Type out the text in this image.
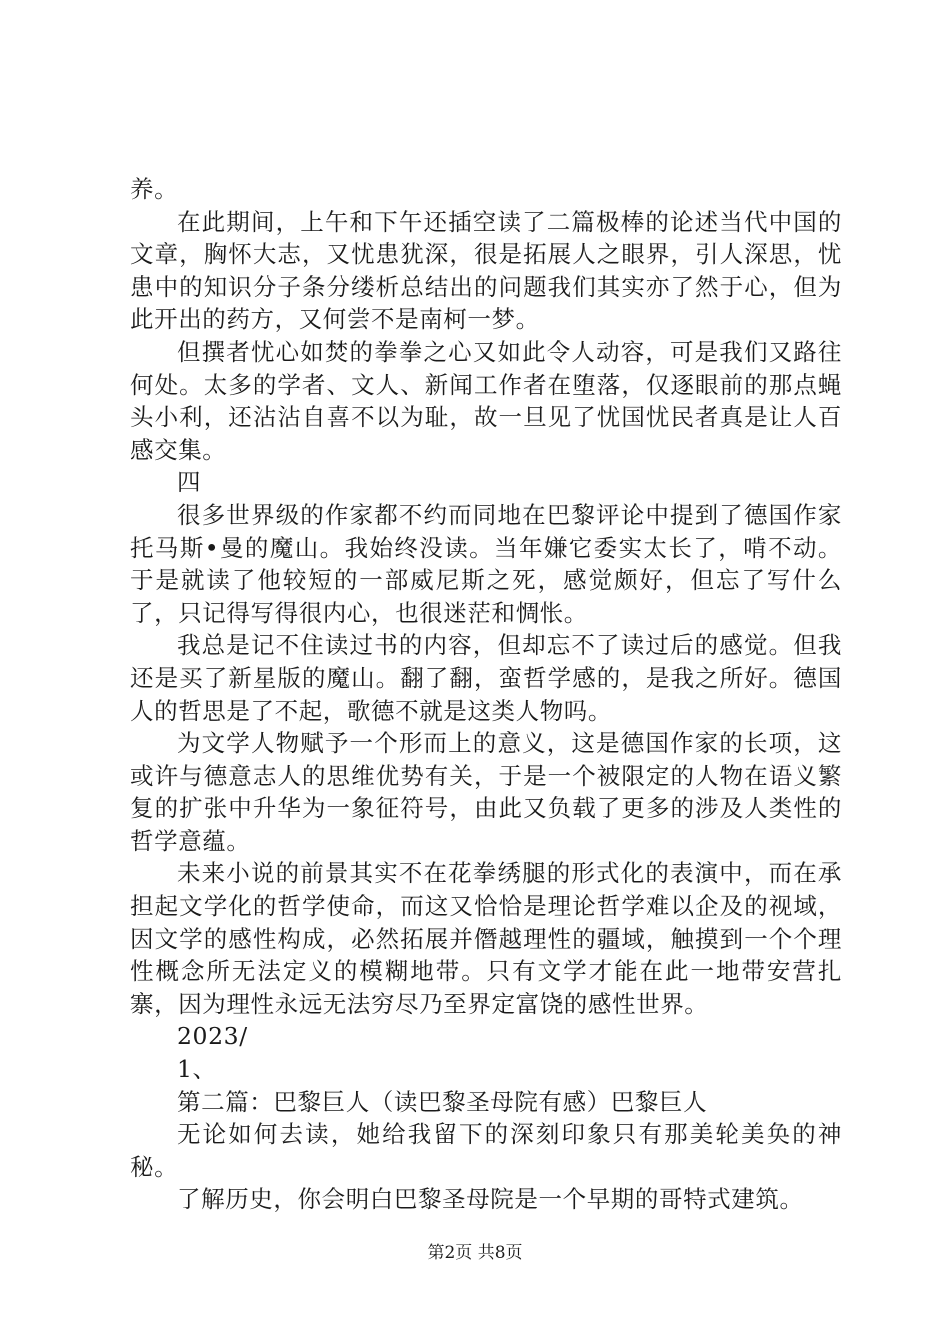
养。

在此期间，上午和下午还插空读了二篇极棒的论述当代中国的文章，胸怀大志，又忧患犹深，很是拓展人之眼界，引人深思，忧患中的知识分子条分缕析总结出的问题我们其实亦了然于心，但为此开出的药方，又何尝不是南柯一梦。

但撰者忧心如焚的拳拳之心又如此令人动容，可是我们又路往何处。太多的学者、文人、新闻工作者在堕落，仅逐眼前的那点蝇头小利，还沾沾自喜不以为耻，故一旦见了忧国忧民者真是让人百感交集。

四

很多世界级的作家都不约而同地在巴黎评论中提到了德国作家托马斯•曼的魔山。我始终没读。当年嫌它委实太长了，啃不动。于是就读了他较短的一部威尼斯之死，感觉颇好，但忘了写什么了，只记得写得很内心，也很迷茫和惆怅。

我总是记不住读过书的内容，但却忘不了读过后的感觉。但我还是买了新星版的魔山。翻了翻，蛮哲学感的，是我之所好。德国人的哲思是了不起，歌德不就是这类人物吗。

为文学人物赋予一个形而上的意义，这是德国作家的长项，这或许与德意志人的思维优势有关，于是一个被限定的人物在语义繁复的扩张中升华为一象征符号，由此又负载了更多的涉及人类性的哲学意蕴。

未来小说的前景其实不在花拳绣腿的形式化的表演中，而在承担起文学化的哲学使命，而这又恰恰是理论哲学难以企及的视域，因文学的感性构成，必然拓展并僭越理性的疆域，触摸到一个个理性概念所无法定义的模糊地带。只有文学才能在此一地带安营扎寨，因为理性永远无法穷尽乃至界定富饶的感性世界。

2023/

1、

第二篇：巴黎巨人（读巴黎圣母院有感）巴黎巨人

无论如何去读，她给我留下的深刻印象只有那美轮美奂的神秘。

了解历史，你会明白巴黎圣母院是一个早期的哥特式建筑。

第2页 共8页
